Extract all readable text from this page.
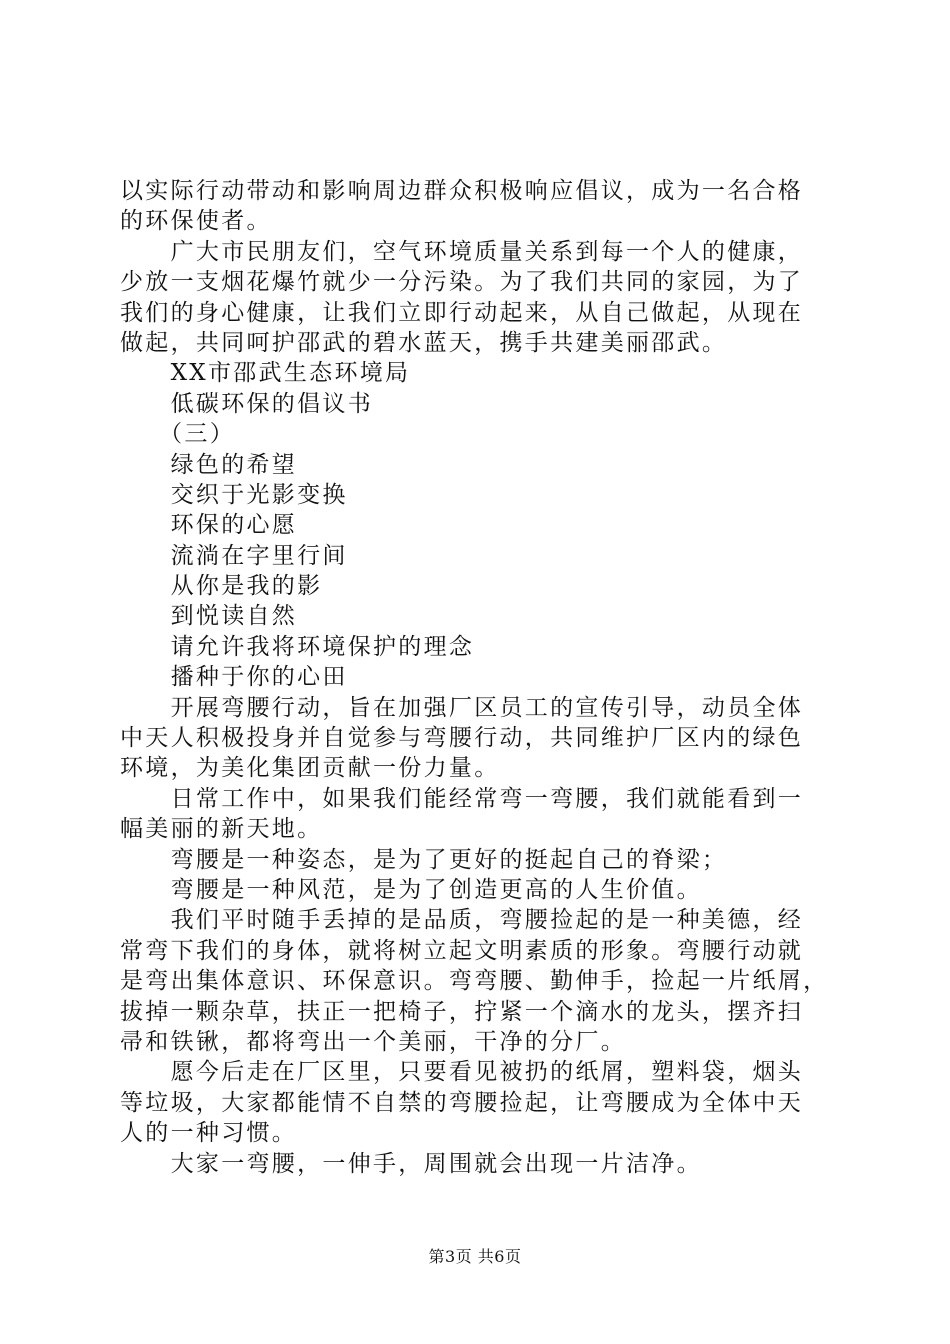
以实际行动带动和影响周边群众积极响应倡议，成为一名合格
的环保使者。
　　广大市民朋友们，空气环境质量关系到每一个人的健康，
少放一支烟花爆竹就少一分污染。为了我们共同的家园，为了
我们的身心健康，让我们立即行动起来，从自己做起，从现在
做起，共同呵护邵武的碧水蓝天，携手共建美丽邵武。
　　XX市邵武生态环境局
　　低碳环保的倡议书
　　（三）
　　绿色的希望
　　交织于光影变换
　　环保的心愿
　　流淌在字里行间
　　从你是我的影
　　到悦读自然
　　请允许我将环境保护的理念
　　播种于你的心田
　　开展弯腰行动，旨在加强厂区员工的宣传引导，动员全体
中天人积极投身并自觉参与弯腰行动，共同维护厂区内的绿色
环境，为美化集团贡献一份力量。
　　日常工作中，如果我们能经常弯一弯腰，我们就能看到一
幅美丽的新天地。
　　弯腰是一种姿态，是为了更好的挺起自己的脊梁；
　　弯腰是一种风范，是为了创造更高的人生价值。
　　我们平时随手丢掉的是品质，弯腰捡起的是一种美德，经
常弯下我们的身体，就将树立起文明素质的形象。弯腰行动就
是弯出集体意识、环保意识。弯弯腰、勤伸手，捡起一片纸屑，
拔掉一颗杂草，扶正一把椅子，拧紧一个滴水的龙头，摆齐扫
帚和铁锹，都将弯出一个美丽，干净的分厂。
　　愿今后走在厂区里，只要看见被扔的纸屑，塑料袋，烟头
等垃圾，大家都能情不自禁的弯腰捡起，让弯腰成为全体中天
人的一种习惯。
　　大家一弯腰，一伸手，周围就会出现一片洁净。
第3页 共6页
